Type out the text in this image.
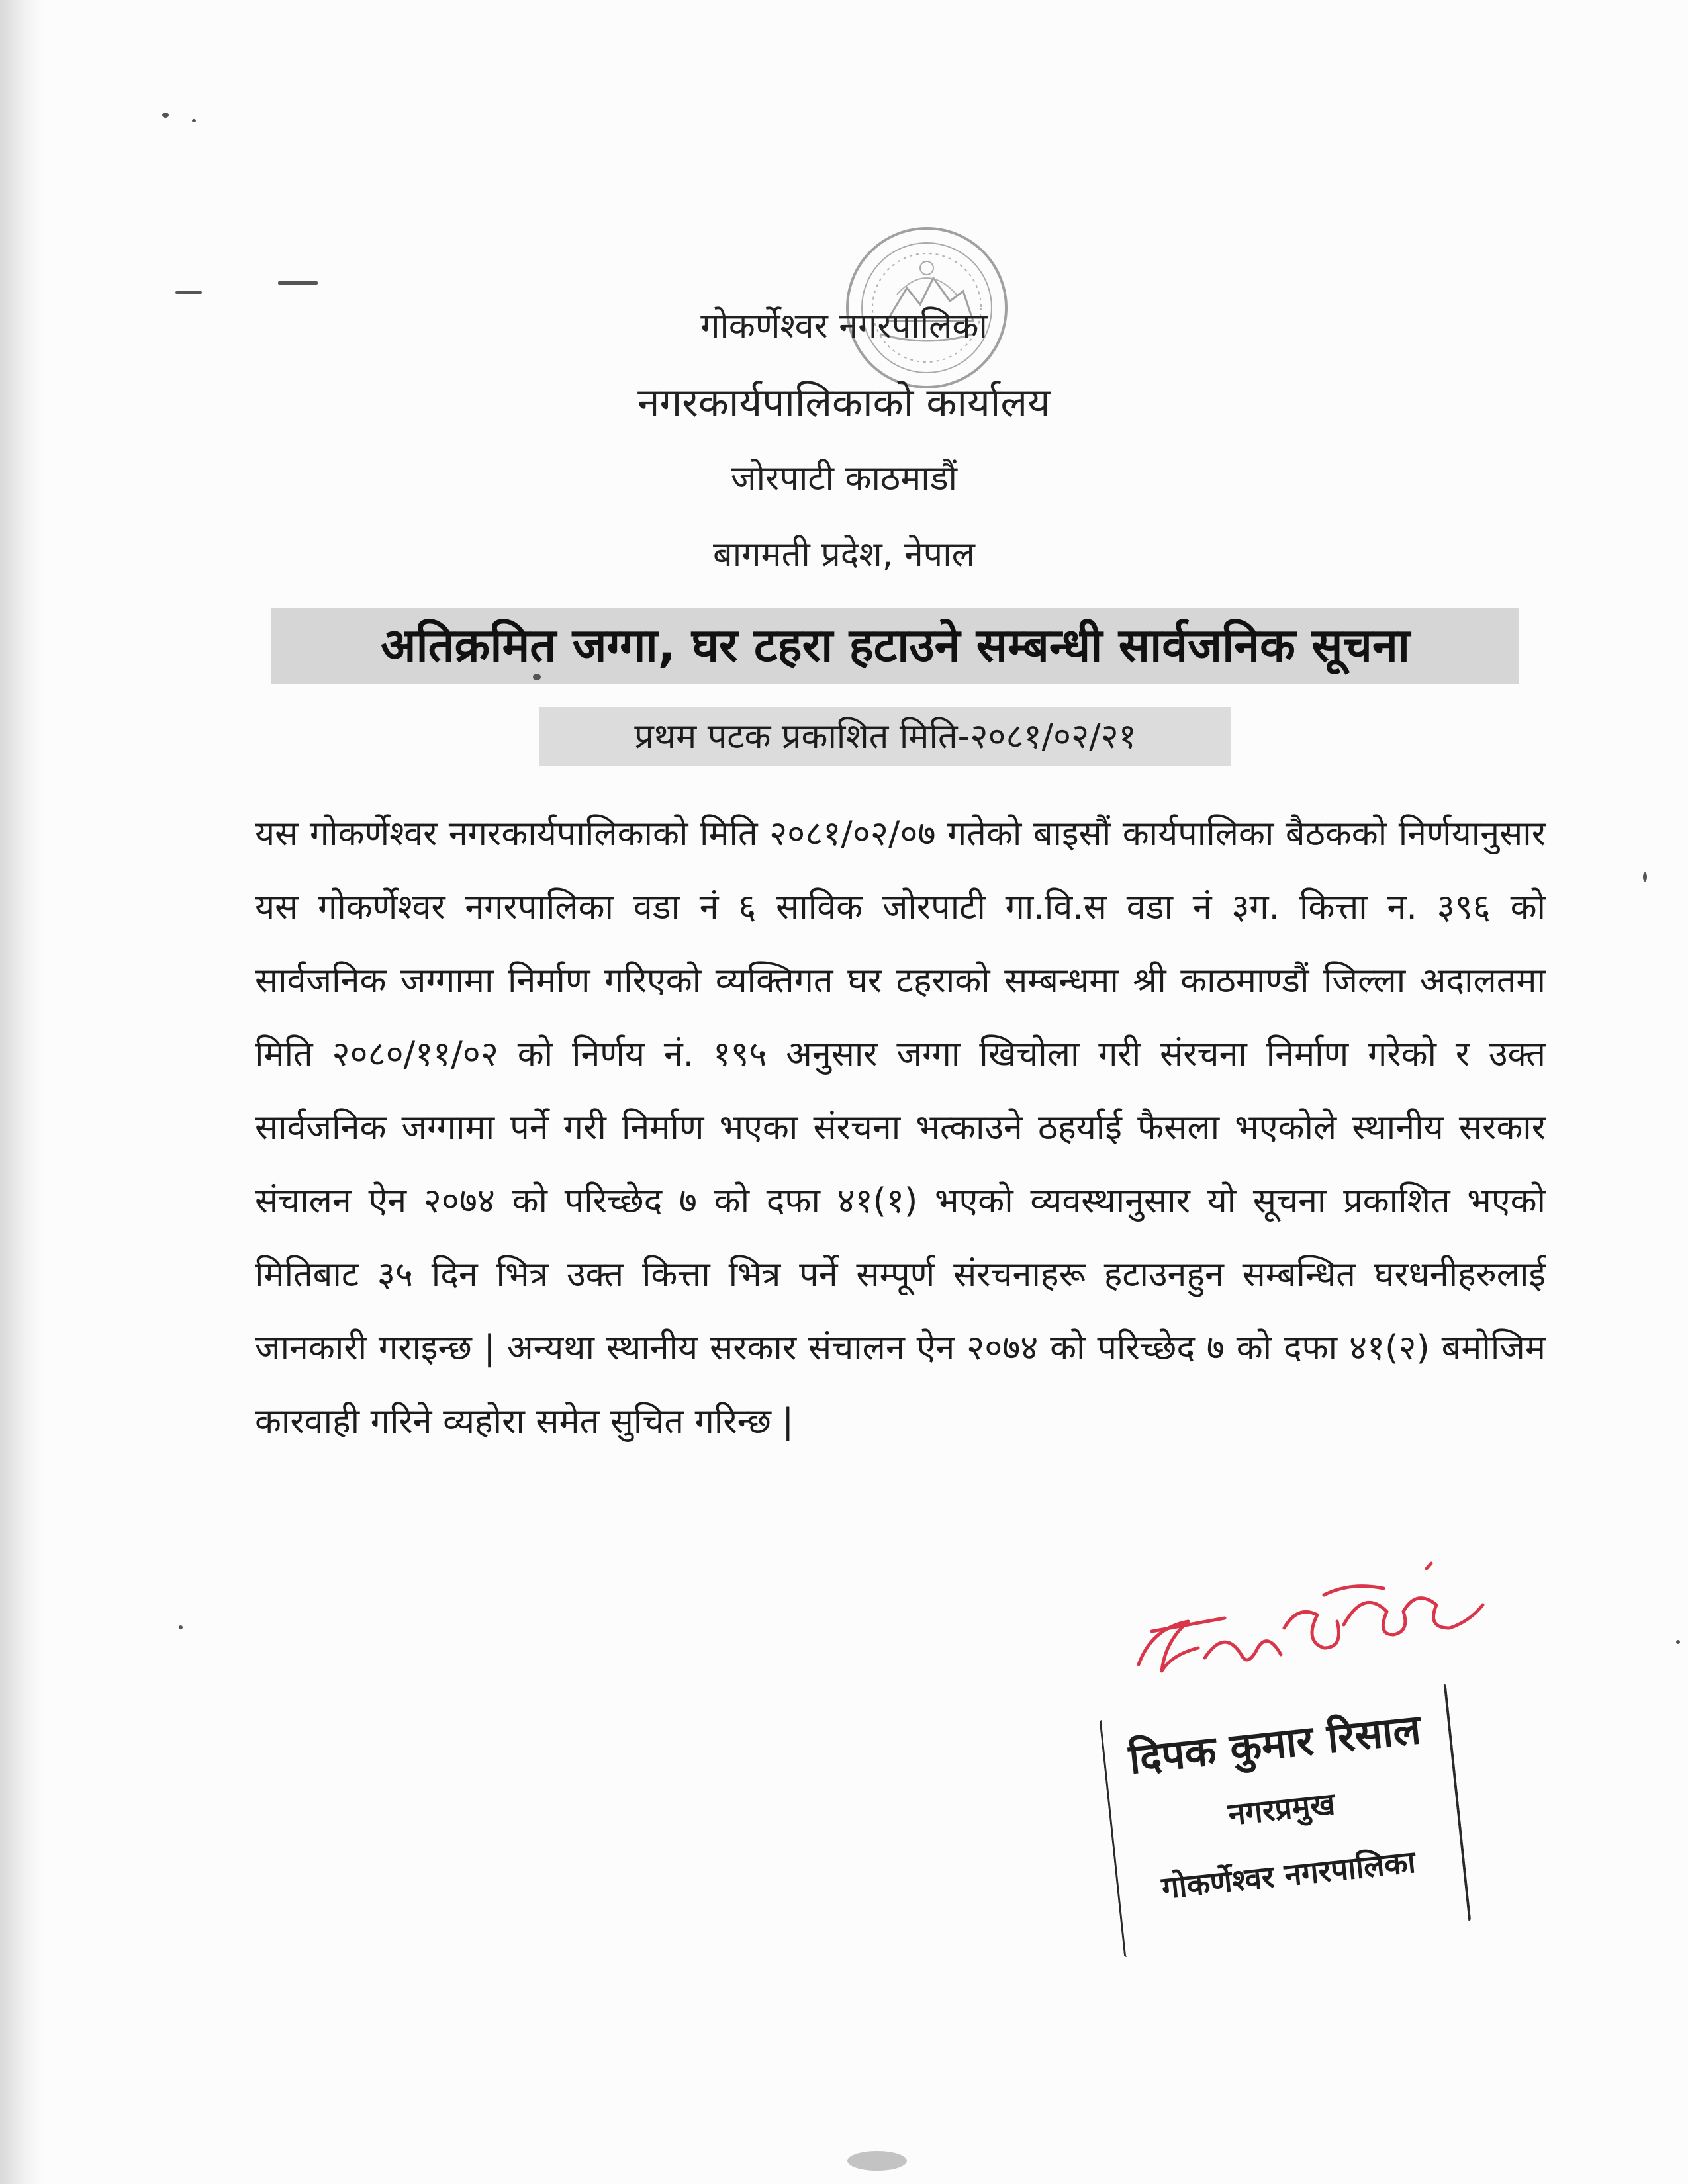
गोकर्णेश्वर नगरपालिका
नगरकार्यपालिकाको कार्यालय
जोरपाटी काठमाडौं
बागमती प्रदेश, नेपाल
अतिक्रमित जग्गा, घर टहरा हटाउने सम्बन्धी सार्वजनिक सूचना
प्रथम पटक प्रकाशित मिति-२०८१/०२/२१
यस गोकर्णेश्वर नगरकार्यपालिकाको मिति २०८१/०२/०७ गतेको बाइसौं कार्यपालिका बैठकको निर्णयानुसार यस गोकर्णेश्वर नगरपालिका वडा नं ६ साविक जोरपाटी गा.वि.स वडा नं ३ग. कित्ता न. ३९६ को सार्वजनिक जग्गामा निर्माण गरिएको व्यक्तिगत घर टहराको सम्बन्धमा श्री काठमाण्डौं जिल्ला अदालतमा मिति २०८०/११/०२ को निर्णय नं. १९५ अनुसार जग्गा खिचोला गरी संरचना निर्माण गरेको र उक्त सार्वजनिक जग्गामा पर्ने गरी निर्माण भएका संरचना भत्काउने ठहर्याई फैसला भएकोले स्थानीय सरकार संचालन ऐन २०७४ को परिच्छेद ७ को दफा ४१(१) भएको व्यवस्थानुसार यो सूचना प्रकाशित भएको मितिबाट ३५ दिन भित्र उक्त कित्ता भित्र पर्ने सम्पूर्ण संरचनाहरू हटाउनहुन सम्बन्धित घरधनीहरुलाई जानकारी गराइन्छ | अन्यथा स्थानीय सरकार संचालन ऐन २०७४ को परिच्छेद ७ को दफा ४१(२) बमोजिम कारवाही गरिने व्यहोरा समेत सुचित गरिन्छ |
दिपक कुमार रिसाल
नगरप्रमुख
गोकर्णेश्वर नगरपालिका
